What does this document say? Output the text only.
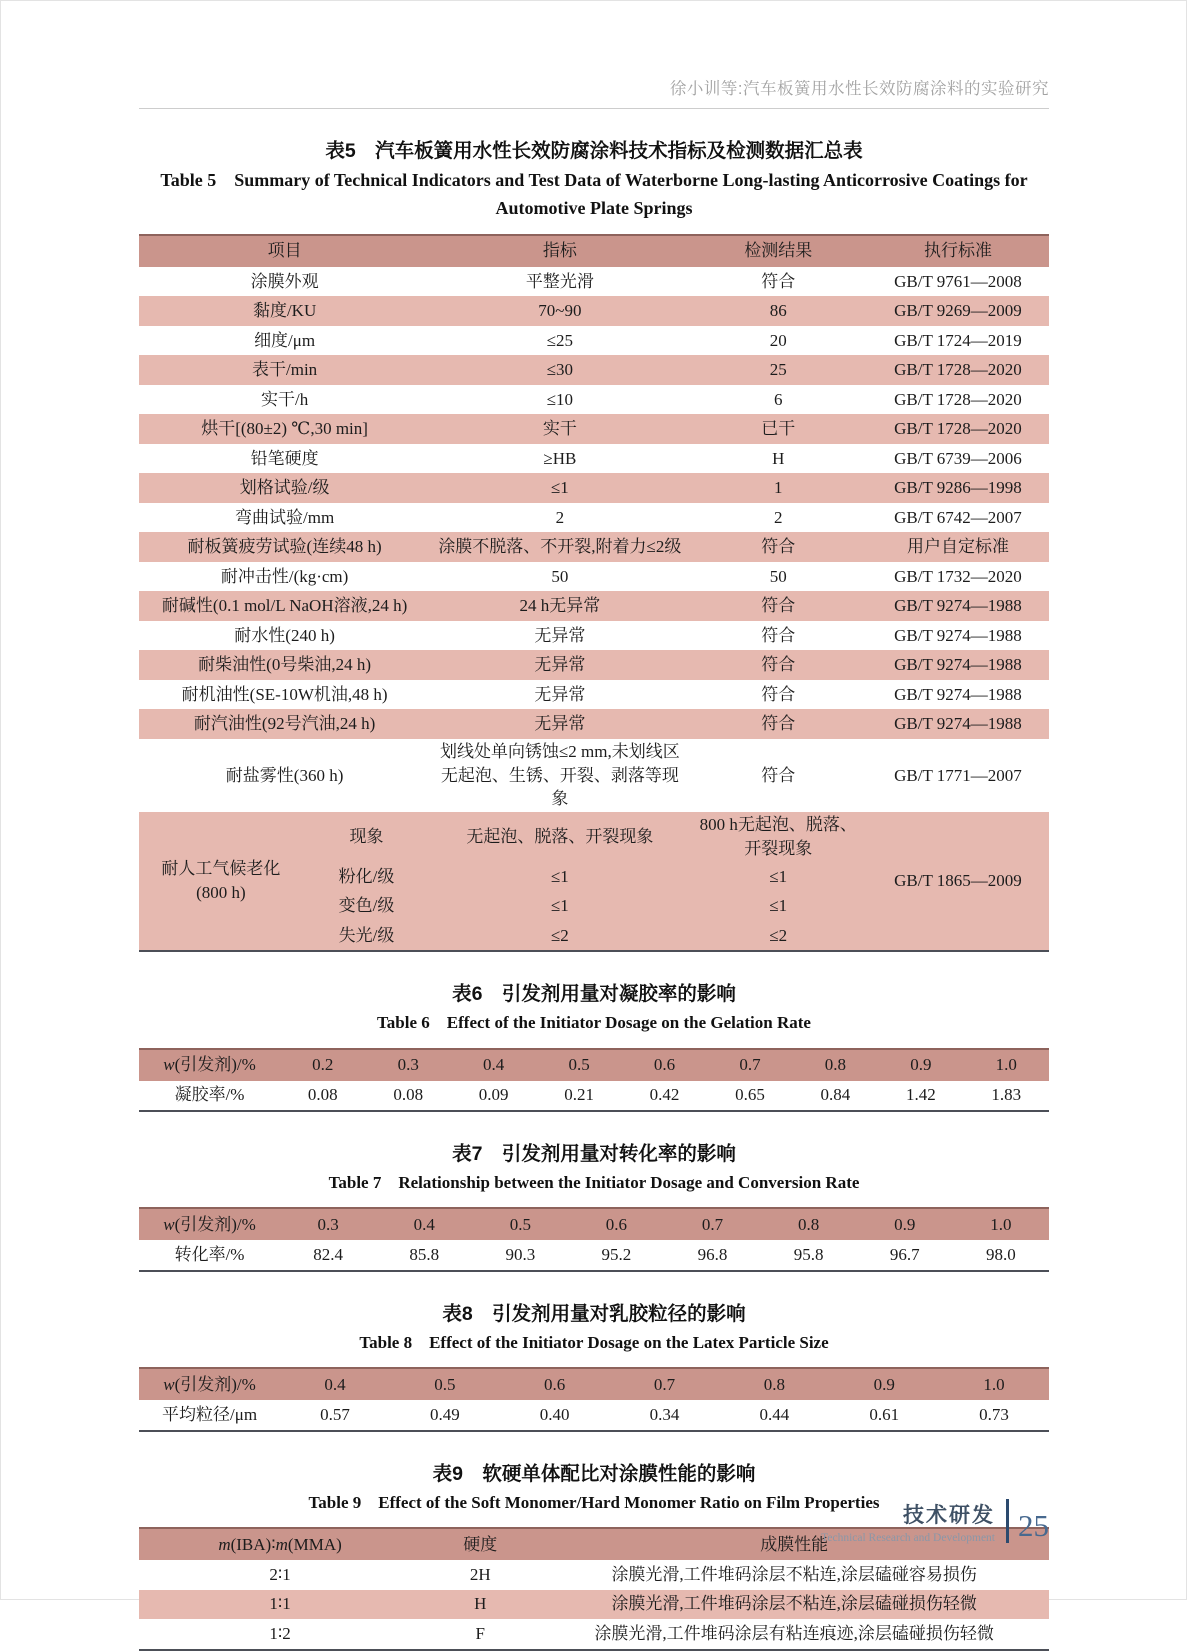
徐小训等:汽车板簧用水性长效防腐涂料的实验研究
表5　汽车板簧用水性长效防腐涂料技术指标及检测数据汇总表
Table 5　Summary of Technical Indicators and Test Data of Waterborne Long-lasting Anticorrosive Coatings for Automotive Plate Springs
项目		指标	检测结果	执行标准
涂膜外观		平整光滑	符合	GB/T 9761—2008
黏度/KU		70~90	86	GB/T 9269—2009
细度/μm		≤25	20	GB/T 1724—2019
表干/min		≤30	25	GB/T 1728—2020
实干/h		≤10	6	GB/T 1728—2020
烘干[(80±2) ℃,30 min]		实干	已干	GB/T 1728—2020
铅笔硬度		≥HB	H	GB/T 6739—2006
划格试验/级		≤1	1	GB/T 9286—1998
弯曲试验/mm		2	2	GB/T 6742—2007
耐板簧疲劳试验(连续48 h)		涂膜不脱落、不开裂,附着力≤2级	符合	用户自定标准
耐冲击性/(kg·cm)		50	50	GB/T 1732—2020
耐碱性(0.1 mol/L NaOH溶液,24 h)		24 h无异常	符合	GB/T 9274—1988
耐水性(240 h)		无异常	符合	GB/T 9274—1988
耐柴油性(0号柴油,24 h)		无异常	符合	GB/T 9274—1988
耐机油性(SE-10W机油,48 h)		无异常	符合	GB/T 9274—1988
耐汽油性(92号汽油,24 h)		无异常	符合	GB/T 9274—1988
耐盐雾性(360 h)		划线处单向锈蚀≤2 mm,未划线区无起泡、生锈、开裂、剥落等现象	符合	GB/T 1771—2007
耐人工气候老化
(800 h)	现象	无起泡、脱落、开裂现象	800 h无起泡、脱落、开裂现象	GB/T 1865—2009
	粉化/级	≤1	≤1	
	变色/级	≤1	≤1	
	失光/级	≤2	≤2	
表6　引发剂用量对凝胶率的影响
Table 6　Effect of the Initiator Dosage on the Gelation Rate
w(引发剂)/%	0.2	0.3	0.4	0.5	0.6	0.7	0.8	0.9	1.0
凝胶率/%	0.08	0.08	0.09	0.21	0.42	0.65	0.84	1.42	1.83
表7　引发剂用量对转化率的影响
Table 7　Relationship between the Initiator Dosage and Conversion Rate
w(引发剂)/%	0.3	0.4	0.5	0.6	0.7	0.8	0.9	1.0
转化率/%	82.4	85.8	90.3	95.2	96.8	95.8	96.7	98.0
表8　引发剂用量对乳胶粒径的影响
Table 8　Effect of the Initiator Dosage on the Latex Particle Size
w(引发剂)/%	0.4	0.5	0.6	0.7	0.8	0.9	1.0
平均粒径/μm	0.57	0.49	0.40	0.34	0.44	0.61	0.73
表9　软硬单体配比对涂膜性能的影响
Table 9　Effect of the Soft Monomer/Hard Monomer Ratio on Film Properties
m(IBA)∶m(MMA)	硬度	成膜性能
2∶1	2H	涂膜光滑,工件堆码涂层不粘连,涂层磕碰容易损伤
1∶1	H	涂膜光滑,工件堆码涂层不粘连,涂层磕碰损伤轻微
1∶2	F	涂膜光滑,工件堆码涂层有粘连痕迹,涂层磕碰损伤轻微
技术研发
Technical Research and Development 25
